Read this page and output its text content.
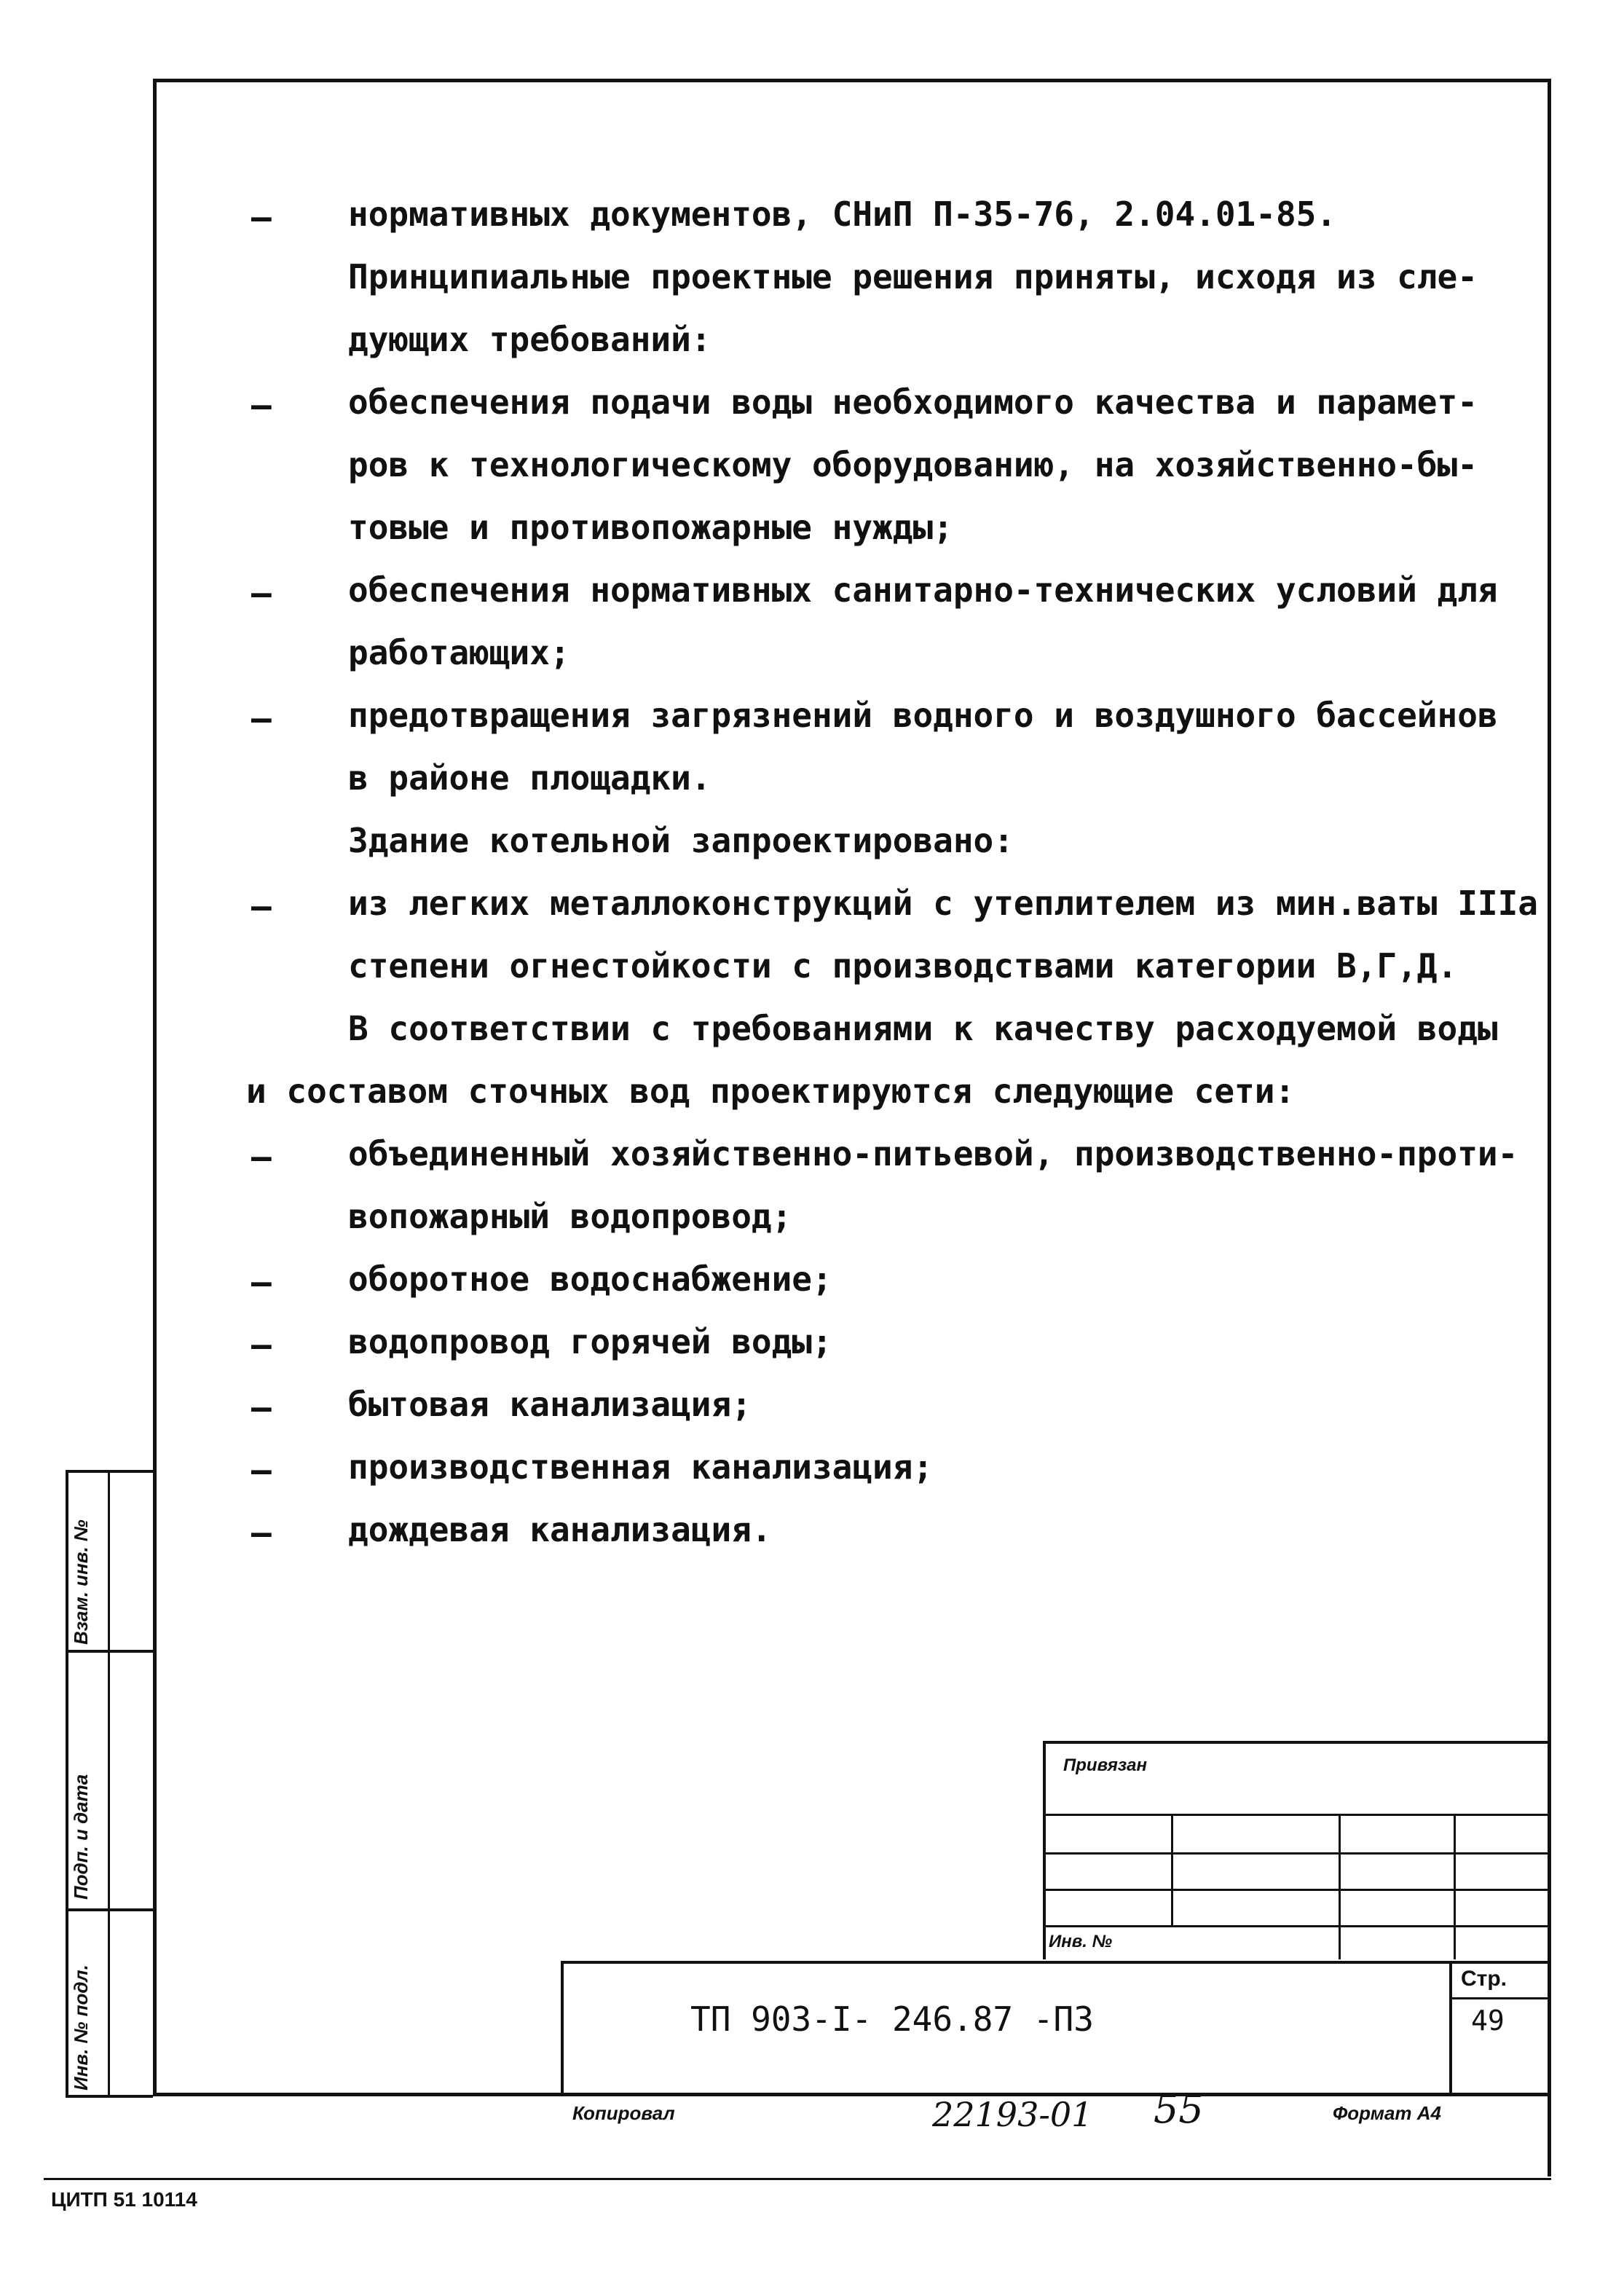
– нормативных документов, СНиП П-35-76, 2.04.01-85.
Принципиальные проектные решения приняты, исходя из сле-
дующих требований:
– обеспечения подачи воды необходимого качества и парамет-
ров к технологическому оборудованию, на хозяйственно-бы-
товые и противопожарные нужды;
– обеспечения нормативных санитарно-технических условий для
работающих;
– предотвращения загрязнений водного и воздушного бассейнов
в районе площадки.
Здание котельной запроектировано:
– из легких металлоконструкций с утеплителем из мин.ваты IIIа
степени огнестойкости с производствами категории В,Г,Д.
В соответствии с требованиями к качеству расходуемой воды
и составом сточных вод проектируются следующие сети:
– объединенный хозяйственно-питьевой, производственно-проти-
вопожарный водопровод;
– оборотное водоснабжение;
– водопровод горячей воды;
– бытовая канализация;
– производственная канализация;
– дождевая канализация.
Взам. инв. №
Подп. и дата
Инв. № подл.
Привязан
Инв. №
ТП 903-I- 246.87 -ПЗ
Стр.
49
Копировал	22193-01 55	Формат А4
ЦИТП 51 10114
